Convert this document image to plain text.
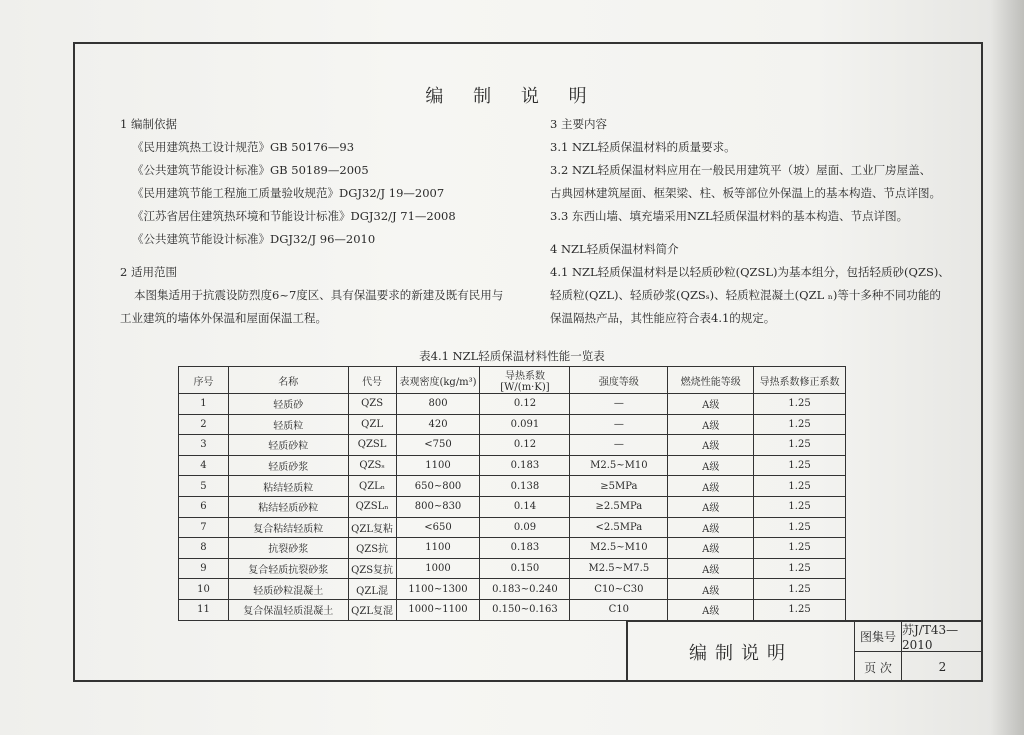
编 制 说 明
1 编制依据
《民用建筑热工设计规范》GB 50176—93
《公共建筑节能设计标准》GB 50189—2005
《民用建筑节能工程施工质量验收规范》DGJ32/J 19—2007
《江苏省居住建筑热环境和节能设计标准》DGJ32/J 71—2008
《公共建筑节能设计标准》DGJ32/J 96—2010
2 适用范围
本图集适用于抗震设防烈度6~7度区、具有保温要求的新建及既有民用与
工业建筑的墙体外保温和屋面保温工程。
3 主要内容
3.1 NZL轻质保温材料的质量要求。
3.2 NZL轻质保温材料应用在一般民用建筑平（坡）屋面、工业厂房屋盖、
古典园林建筑屋面、框架梁、柱、板等部位外保温上的基本构造、节点详图。
3.3 东西山墙、填充墙采用NZL轻质保温材料的基本构造、节点详图。
4 NZL轻质保温材料简介
4.1 NZL轻质保温材料是以轻质砂粒(QZSL)为基本组分，包括轻质砂(QZS)、
轻质粒(QZL)、轻质砂浆(QZSₛ)、轻质粒混凝土(QZL ₙ)等十多种不同功能的
保温隔热产品，其性能应符合表4.1的规定。
表4.1 NZL轻质保温材料性能一览表
序号	名称	代号	表观密度(kg/m³)	导热系数[W/(m·K)]	强度等级	燃烧性能等级	导热系数修正系数
1	轻质砂	QZS	800	0.12	—	A级	1.25
2	轻质粒	QZL	420	0.091	—	A级	1.25
3	轻质砂粒	QZSL	<750	0.12	—	A级	1.25
4	轻质砂浆	QZSₛ	1100	0.183	M2.5~M10	A级	1.25
5	粘结轻质粒	QZLₙ	650~800	0.138	≥5MPa	A级	1.25
6	粘结轻质砂粒	QZSLₙ	800~830	0.14	≥2.5MPa	A级	1.25
7	复合粘结轻质粒	QZL复粘	<650	0.09	<2.5MPa	A级	1.25
8	抗裂砂浆	QZS抗	1100	0.183	M2.5~M10	A级	1.25
9	复合轻质抗裂砂浆	QZS复抗	1000	0.150	M2.5~M7.5	A级	1.25
10	轻质砂粒混凝土	QZL混	1100~1300	0.183~0.240	C10~C30	A级	1.25
11	复合保温轻质混凝土	QZL复混	1000~1100	0.150~0.163	C10	A级	1.25
编制说明
图集号 苏J/T43—2010
页 次	2
